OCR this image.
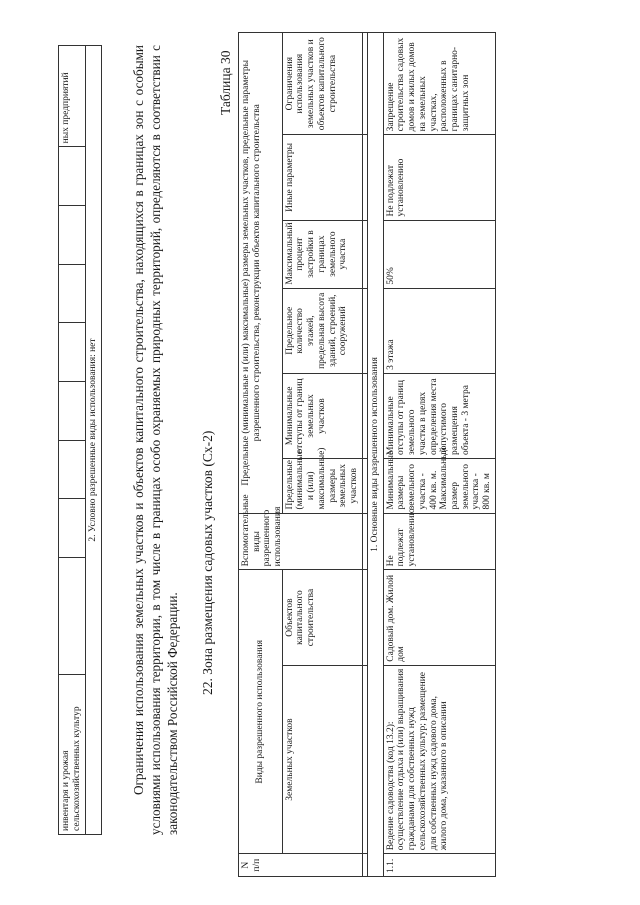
инвентаря и урожая сельскохозяйственных культур									ных предприятий
2. Условно разрешенные виды использования: нет	Ограничения использования земельных участков и объектов капитального строительства, находящихся в границах зон с особыми условиями использования территории, в том числе в границах особо охраняемых природных территорий, определяются в соответствии с законодательством Российской Федерации.

22. Зона размещения садовых участков (Сх-2)

Таблица 30
N п/п	Виды разрешенного использования		Вспомогательные виды разрешенного использования	Предельные (минимальные и (или) максимальные) размеры земельных участков, предельные параметры разрешенного строительства, реконструкции объектов капитального строительства					
	Земельных участков	Объектов капитального строительства		Предельные (минимальные и (или) максимальные) размеры земельных участков	Минимальные отступы от границ земельных участков	Предельное количество этажей, предельная высота зданий, строений, сооружений	Максимальный процент застройки в границах земельного участка	Иные параметры	Ограничения использования земельных участков и объектов капитального строительства

1. Основные виды разрешенного использования									
1.1.	Ведение садоводства (код 13.2): осуществление отдыха и (или) выращивания гражданами для собственных нужд сельскохозяйственных культур; размещение для собственных нужд садового дома, жилого дома, указанного в описании	Садовый дом. Жилой дом	Не подлежат установлению	Минимальные размеры земельного участка - 400 кв. м. Максимальный размер земельного участка - 800 кв. м	Минимальные отступы от границ земельного участка в целях определения места допустимого размещения объекта - 3 метра	3 этажа	50%	Не подлежат установлению	Запрещение строительства садовых домов и жилых домов на земельных участках, расположенных в границах санитарно-защитных зон
